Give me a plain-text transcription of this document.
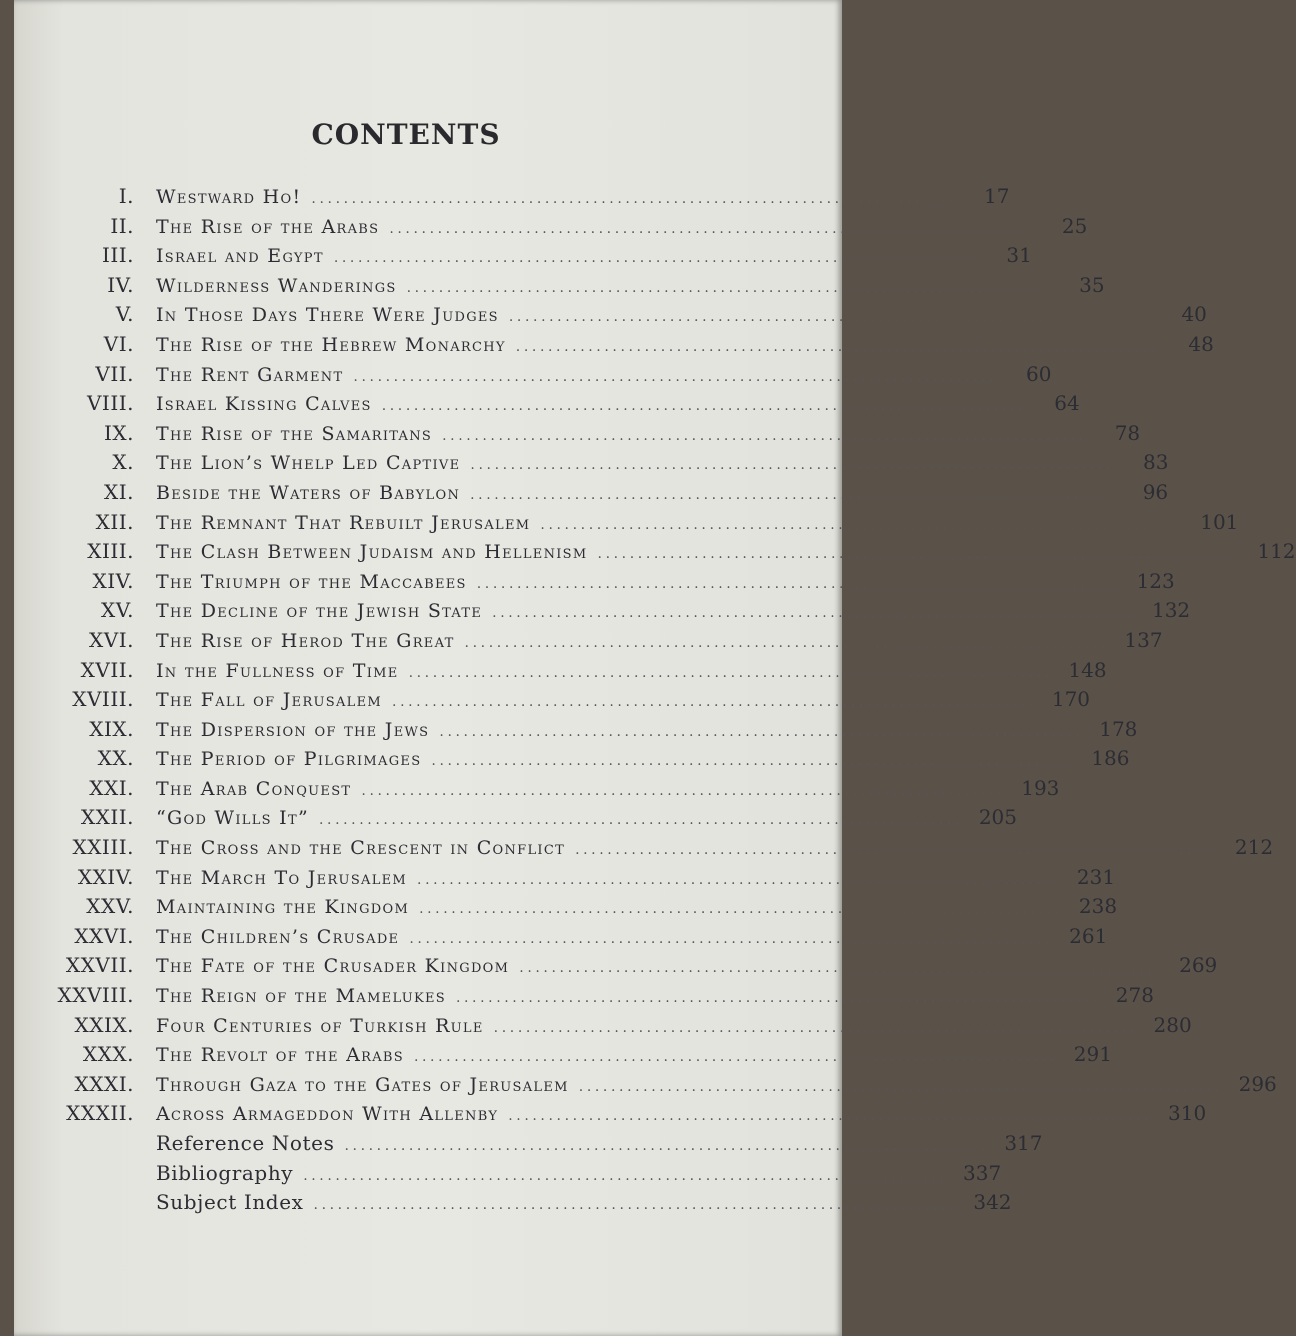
CONTENTS
I.	Westward Ho! ................................................................................	17
II.	The Rise of the Arabs ................................................................................	25
III.	Israel and Egypt ................................................................................	31
IV.	Wilderness Wanderings ................................................................................	35
V.	In Those Days There Were Judges ................................................................................	40
VI.	The Rise of the Hebrew Monarchy ................................................................................	48
VII.	The Rent Garment ................................................................................	60
VIII.	Israel Kissing Calves ................................................................................	64
IX.	The Rise of the Samaritans ................................................................................	78
X.	The Lion’s Whelp Led Captive ................................................................................	83
XI.	Beside the Waters of Babylon ................................................................................	96
XII.	The Remnant That Rebuilt Jerusalem ................................................................................ 101
XIII.	The Clash Between Judaism and Hellenism ................................................................................ 112
XIV.	The Triumph of the Maccabees ................................................................................ 123
XV.	The Decline of the Jewish State ................................................................................ 132
XVI.	The Rise of Herod The Great ................................................................................ 137
XVII.	In the Fullness of Time ................................................................................ 148
XVIII.	The Fall of Jerusalem ................................................................................ 170
XIX.	The Dispersion of the Jews ................................................................................ 178
XX.	The Period of Pilgrimages ................................................................................ 186
XXI.	The Arab Conquest ................................................................................ 193
XXII.	“God Wills It” ................................................................................ 205
XXIII.	The Cross and the Crescent in Conflict ................................................................................ 212
XXIV.	The March To Jerusalem ................................................................................ 231
XXV.	Maintaining the Kingdom ................................................................................ 238
XXVI.	The Children’s Crusade ................................................................................ 261
XXVII.	The Fate of the Crusader Kingdom ................................................................................ 269
XXVIII.	The Reign of the Mamelukes ................................................................................ 278
XXIX.	Four Centuries of Turkish Rule ................................................................................ 280
XXX.	The Revolt of the Arabs ................................................................................ 291
XXXI.	Through Gaza to the Gates of Jerusalem ................................................................................ 296
XXXII.	Across Armageddon With Allenby ................................................................................ 310
Reference Notes ................................................................................ 317
Bibliography ................................................................................ 337
Subject Index ................................................................................ 342
